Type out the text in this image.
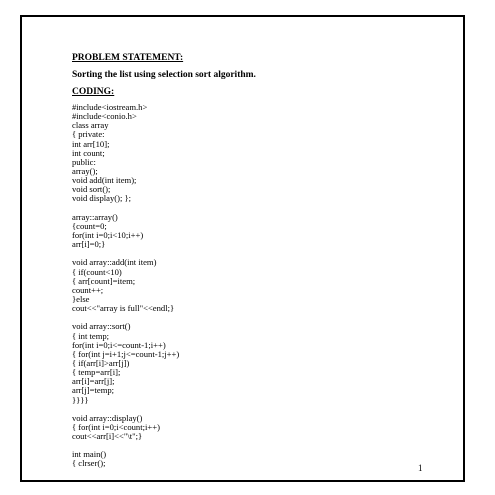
PROBLEM STATEMENT:
Sorting the list using selection sort algorithm.
CODING:
#include<iostream.h>
#include<conio.h>
class array
{ private:
int arr[10];
int count;
public:
array();
void add(int item);
void sort();
void display(); };
array::array()
{count=0;
for(int i=0;i<10;i++)
arr[i]=0;}
void array::add(int item)
{ if(count<10)
{ arr[count]=item;
count++;
}else
cout<<"array is full"<<endl;}
void array::sort()
{ int temp;
for(int i=0;i<=count-1;i++)
{ for(int j=i+1;j<=count-1;j++)
{ if(arr[i]>arr[j])
{ temp=arr[i];
arr[i]=arr[j];
arr[j]=temp;
}}}}
void array::display()
{ for(int i=0;i<count;i++)
cout<<arr[i]<<"\t";}
int main()
{ clrser();	1
